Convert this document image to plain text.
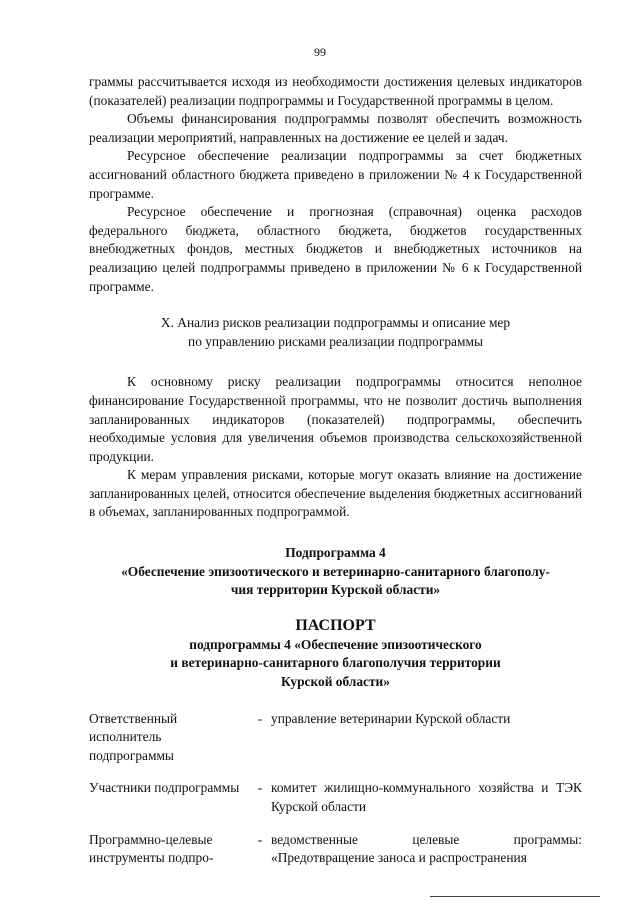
99

граммы рассчитывается исходя из необходимости достижения целевых индикаторов (показателей) реализации подпрограммы и Государственной программы в целом.

Объемы финансирования подпрограммы позволят обеспечить возможность реализации мероприятий, направленных на достижение ее целей и задач.

Ресурсное обеспечение реализации подпрограммы за счет бюджетных ассигнований областного бюджета приведено в приложении № 4 к Государственной программе.

Ресурсное обеспечение и прогнозная (справочная) оценка расходов федерального бюджета, областного бюджета, бюджетов государственных внебюджетных фондов, местных бюджетов и внебюджетных источников на реализацию целей подпрограммы приведено в приложении № 6 к Государственной программе.

X. Анализ рисков реализации подпрограммы и описание мер
по управлению рисками реализации подпрограммы

К основному риску реализации подпрограммы относится неполное финансирование Государственной программы, что не позволит достичь выполнения запланированных индикаторов (показателей) подпрограммы, обеспечить необходимые условия для увеличения объемов производства сельскохозяйственной продукции.

К мерам управления рисками, которые могут оказать влияние на достижение запланированных целей, относится обеспечение выделения бюджетных ассигнований в объемах, запланированных подпрограммой.

Подпрограмма 4
«Обеспечение эпизоотического и ветеринарно-санитарного благополу-
чия территории Курской области»
ПАСПОРТ
подпрограммы 4 «Обеспечение эпизоотического
и ветеринарно-санитарного благополучия территории
Курской области»
Ответственный исполнитель подпрограммы
- управление ветеринарии Курской области
Участники подпрограммы	- комитет жилищно-коммунального хозяйства и ТЭК Курской области
Программно-целевые инструменты подпро-
- ведомственные целевые программы: «Предотвращение заноса и распространения
